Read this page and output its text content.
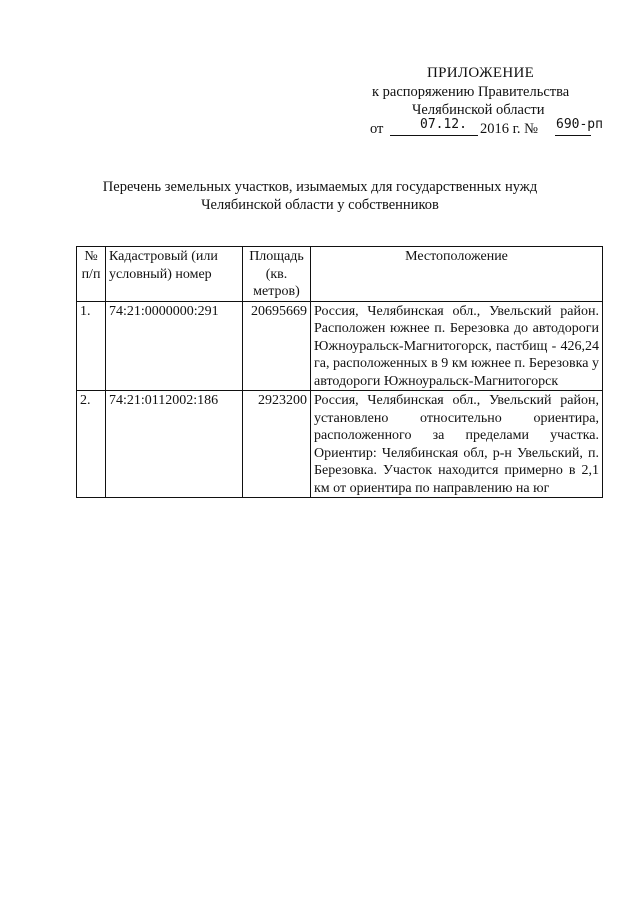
ПРИЛОЖЕНИЕ
к распоряжению Правительства
Челябинской области
от	07.12. 2016 г. № 690-рп
Перечень земельных участков, изымаемых для государственных нужд
Челябинской области у собственников
№ п/п	Кадастровый (или условный) номер	Площадь (кв. метров)	Местоположение
1.	74:21:0000000:291	20695669	Россия, Челябинская обл., Увельский район. Расположен южнее п. Березовка до автодороги Южноуральск-Магнитогорск, пастбищ - 426,24 га, расположенных в 9 км южнее п. Березовка у автодороги Южноуральск-Магнитогорск
2.	74:21:0112002:186	2923200	Россия, Челябинская обл., Увельский район, установлено относительно ориентира, расположенного за пределами участка. Ориентир: Челябинская обл, р-н Увельский, п. Березовка. Участок находится примерно в 2,1 км от ориентира по направлению на юг
